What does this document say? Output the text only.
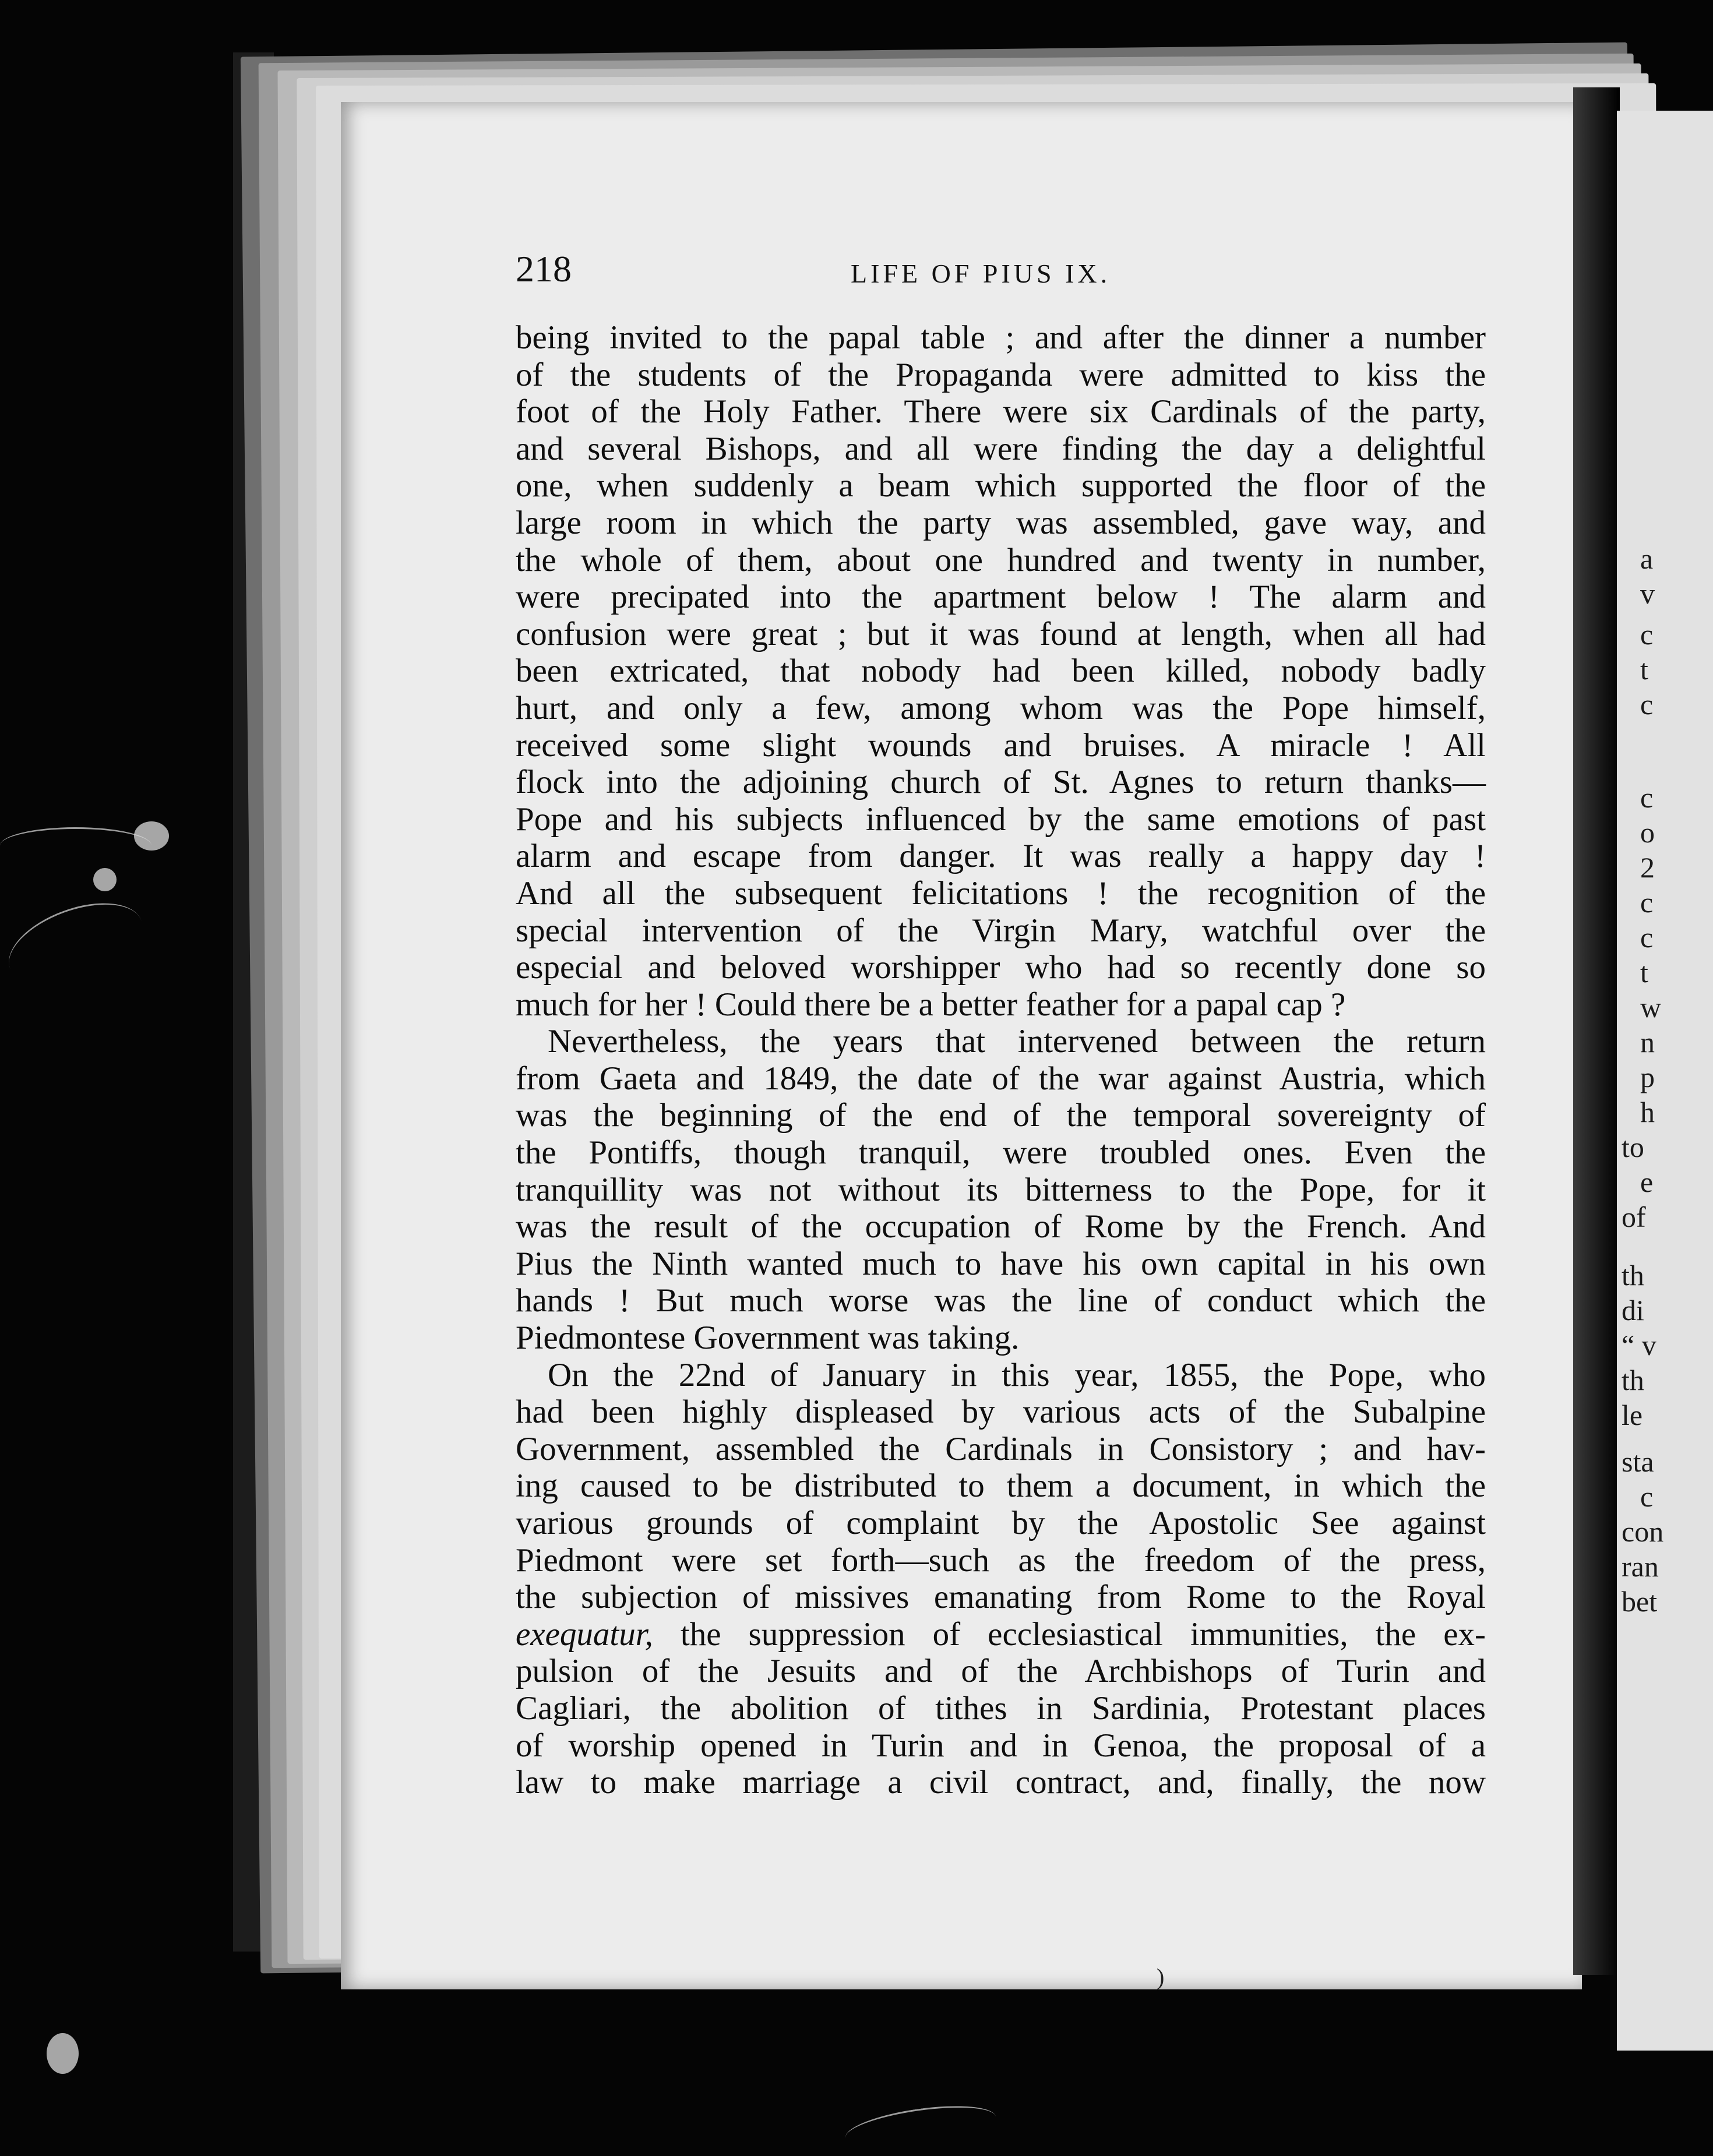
a
v
c
t
c
c
o
2
c
c
t
w
n
p
h
to
e
of
th
di
“ v
th
le
sta
c
con
ran
bet
218	LIFE OF PIUS IX.
being invited to the papal table ; and after the dinner a number
of the students of the Propaganda were admitted to kiss the
foot of the Holy Father. There were six Cardinals of the party,
and several Bishops, and all were finding the day a delightful
one, when suddenly a beam which supported the floor of the
large room in which the party was assembled, gave way, and
the whole of them, about one hundred and twenty in number,
were precipated into the apartment below ! The alarm and
confusion were great ; but it was found at length, when all had
been extricated, that nobody had been killed, nobody badly
hurt, and only a few, among whom was the Pope himself,
received some slight wounds and bruises. A miracle ! All
flock into the adjoining church of St. Agnes to return thanks—
Pope and his subjects influenced by the same emotions of past
alarm and escape from danger. It was really a happy day !
And all the subsequent felicitations ! the recognition of the
special intervention of the Virgin Mary, watchful over the
especial and beloved worshipper who had so recently done so
much for her ! Could there be a better feather for a papal cap ?
Nevertheless, the years that intervened between the return
from Gaeta and 1849, the date of the war against Austria, which
was the beginning of the end of the temporal sovereignty of
the Pontiffs, though tranquil, were troubled ones. Even the
tranquillity was not without its bitterness to the Pope, for it
was the result of the occupation of Rome by the French. And
Pius the Ninth wanted much to have his own capital in his own
hands ! But much worse was the line of conduct which the
Piedmontese Government was taking.
On the 22nd of January in this year, 1855, the Pope, who
had been highly displeased by various acts of the Subalpine
Government, assembled the Cardinals in Consistory ; and hav-
ing caused to be distributed to them a document, in which the
various grounds of complaint by the Apostolic See against
Piedmont were set forth—such as the freedom of the press,
the subjection of missives emanating from Rome to the Royal
exequatur, the suppression of ecclesiastical immunities, the ex-
pulsion of the Jesuits and of the Archbishops of Turin and
Cagliari, the abolition of tithes in Sardinia, Protestant places
of worship opened in Turin and in Genoa, the proposal of a
law to make marriage a civil contract, and, finally, the now
)
